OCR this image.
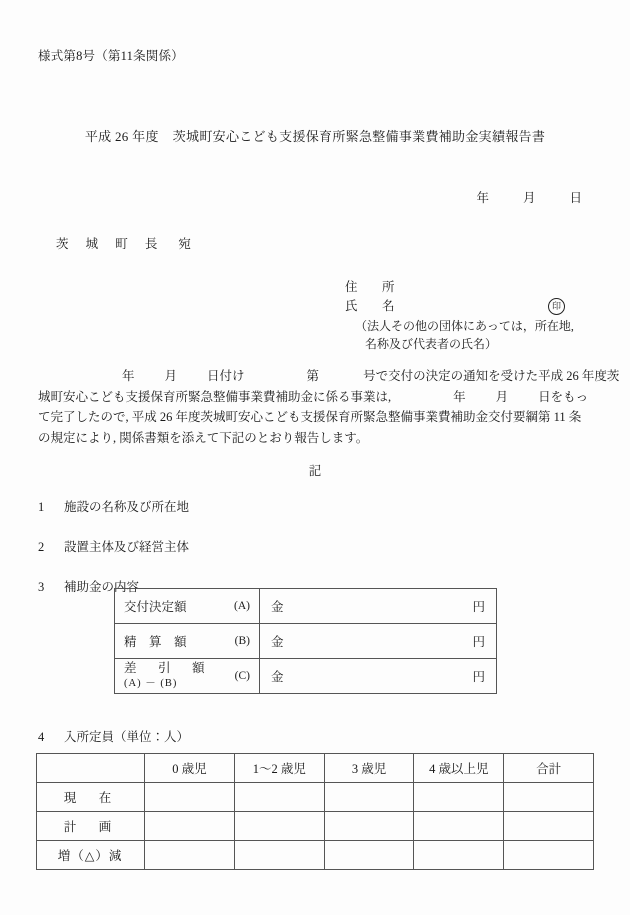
様式第8号（第11条関係）
平成 26 年度 茨城町安心こども支援保育所緊急整備事業費補助金実績報告書
年	月	日
茨 城 町 長 宛
住　所
氏　名	印
（法人その他の団体にあっては，所在地,
名称及び代表者の氏名）
年 月 日付け	第	号で交付の決定の通知を受けた平成 26 年度茨
城町安心こども支援保育所緊急整備事業費補助金に係る事業は,	年 月 日をもっ
て完了したので, 平成 26 年度茨城町安心こども支援保育所緊急整備事業費補助金交付要綱第 11 条
の規定により, 関係書類を添えて下記のとおり報告します。
記
1 施設の名称及び所在地
2 設置主体及び経営主体
3 補助金の内容
4 入所定員（単位：人）
交付決定額 (A)	金 円

精　算　額 (B)	金 円

差　引　額
(A) － (B)
(C)	金 円
	0 歳児	1〜2 歳児	3 歳児	4 歳以上児	合計
現　在					
計　画					
増（△）減					
